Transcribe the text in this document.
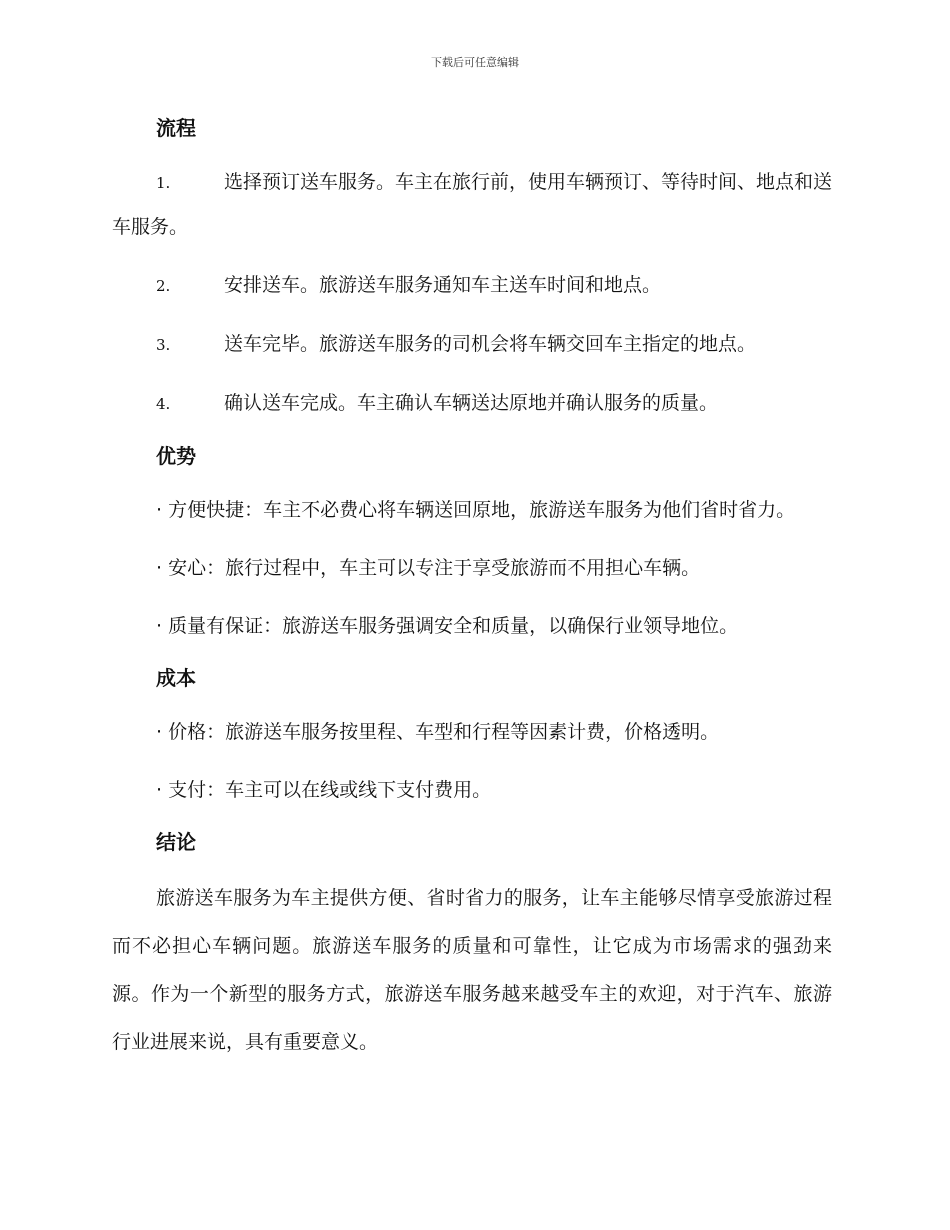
下载后可任意编辑
流程
1.	选择预订送车服务。车主在旅行前，使用车辆预订、等待时间、地点和送车服务。
2.	安排送车。旅游送车服务通知车主送车时间和地点。
3.	送车完毕。旅游送车服务的司机会将车辆交回车主指定的地点。
4.	确认送车完成。车主确认车辆送达原地并确认服务的质量。
优势
· 方便快捷：车主不必费心将车辆送回原地，旅游送车服务为他们省时省力。
· 安心：旅行过程中，车主可以专注于享受旅游而不用担心车辆。
· 质量有保证：旅游送车服务强调安全和质量，以确保行业领导地位。
成本
· 价格：旅游送车服务按里程、车型和行程等因素计费，价格透明。
· 支付：车主可以在线或线下支付费用。
结论
旅游送车服务为车主提供方便、省时省力的服务，让车主能够尽情享受旅游过程而不必担心车辆问题。旅游送车服务的质量和可靠性，让它成为市场需求的强劲来源。作为一个新型的服务方式，旅游送车服务越来越受车主的欢迎，对于汽车、旅游行业进展来说，具有重要意义。
